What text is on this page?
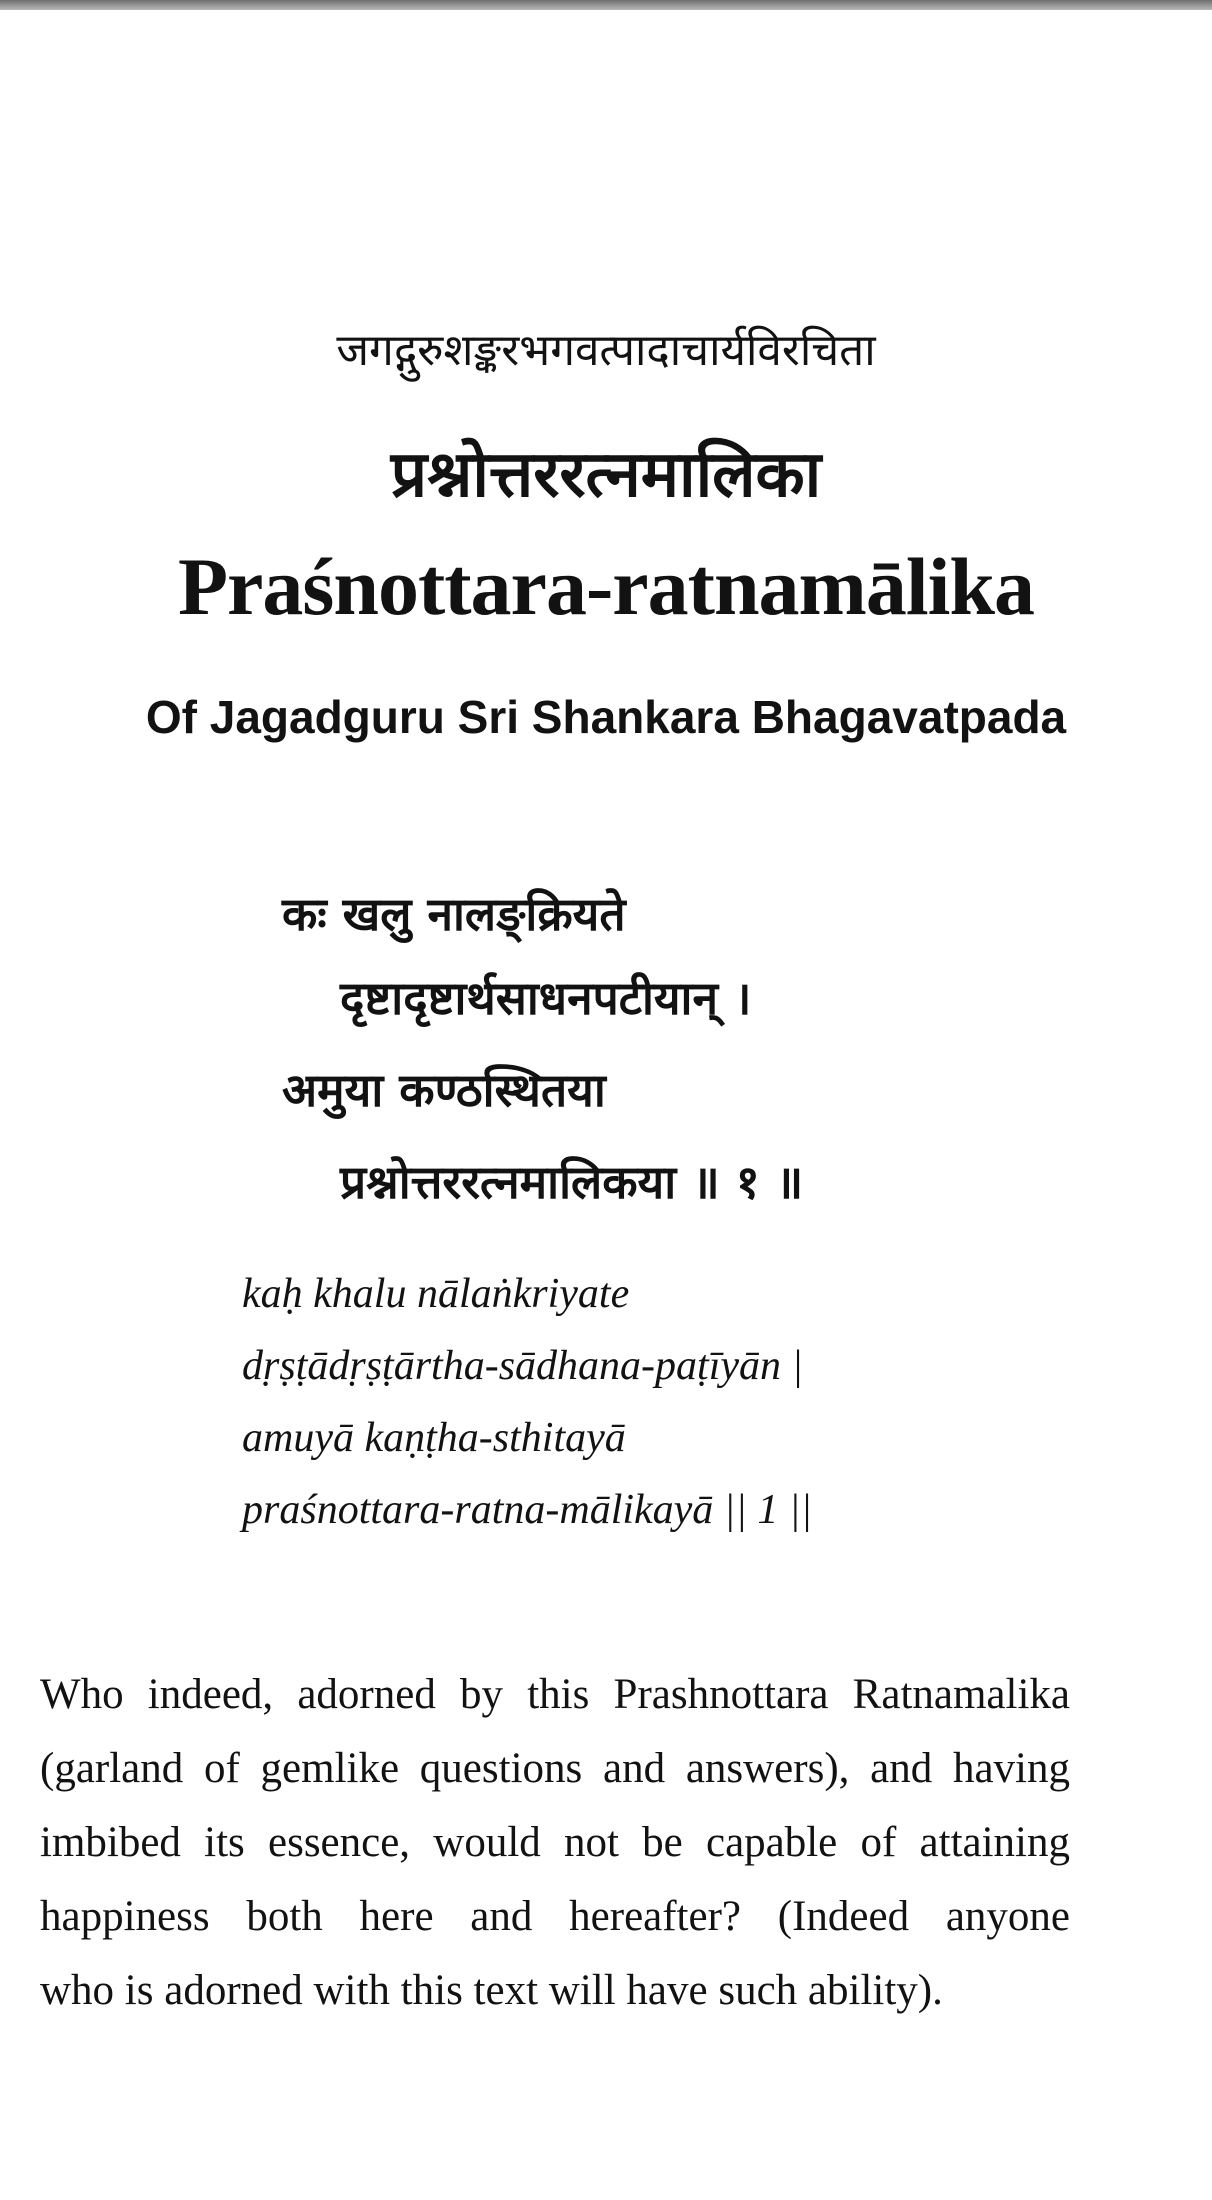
जगद्गुरुशङ्करभगवत्पादाचार्यविरचिता
प्रश्नोत्तररत्नमालिका
Praśnottara-ratnamālika
Of Jagadguru Sri Shankara Bhagavatpada
कः खलु नालङ्क्रियते
दृष्टादृष्टार्थसाधनपटीयान् ।
अमुया कण्ठस्थितया
प्रश्नोत्तररत्नमालिकया ॥ १ ॥
kaḥ khalu nālaṅkriyate
dṛṣṭādṛṣṭārtha-sādhana-paṭīyān |
amuyā kaṇṭha-sthitayā
praśnottara-ratna-mālikayā || 1 ||
Who indeed, adorned by this Prashnottara Ratnamalika
(garland of gemlike questions and answers), and having
imbibed its essence, would not be capable of attaining
happiness both here and hereafter? (Indeed anyone
who is adorned with this text will have such ability).
